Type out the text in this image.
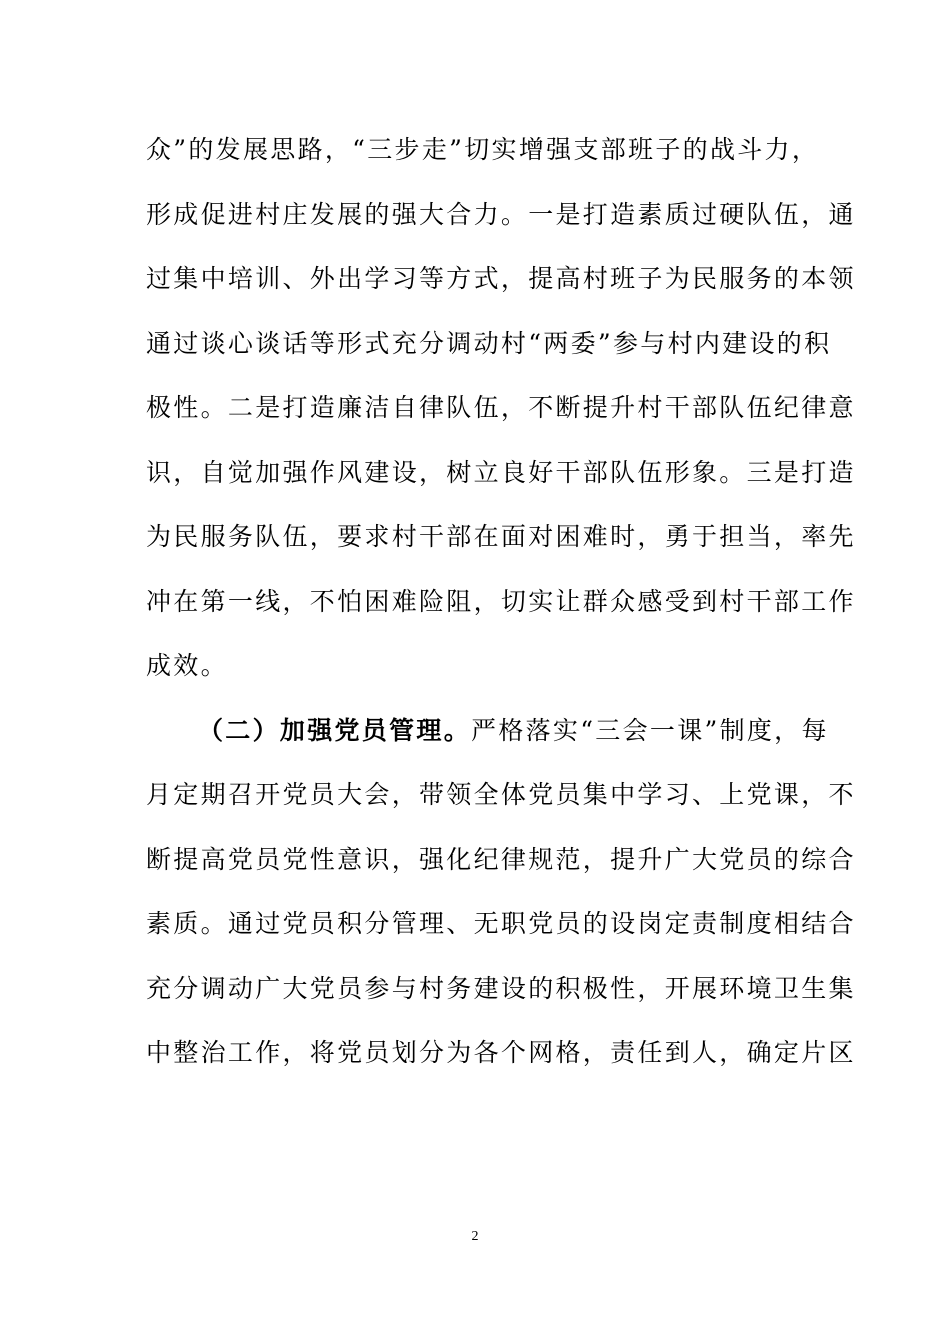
众”的发展思路，“三步走”切实增强支部班子的战斗力，
形成促进村庄发展的强大合力。一是打造素质过硬队伍，通
过集中培训、外出学习等方式，提高村班子为民服务的本领
通过谈心谈话等形式充分调动村“两委”参与村内建设的积
极性。二是打造廉洁自律队伍，不断提升村干部队伍纪律意
识，自觉加强作风建设，树立良好干部队伍形象。三是打造
为民服务队伍，要求村干部在面对困难时，勇于担当，率先
冲在第一线，不怕困难险阻，切实让群众感受到村干部工作
成效。
（二）加强党员管理。严格落实“三会一课”制度，每
月定期召开党员大会，带领全体党员集中学习、上党课，不
断提高党员党性意识，强化纪律规范，提升广大党员的综合
素质。通过党员积分管理、无职党员的设岗定责制度相结合
充分调动广大党员参与村务建设的积极性，开展环境卫生集
中整治工作，将党员划分为各个网格，责任到人，确定片区
2
